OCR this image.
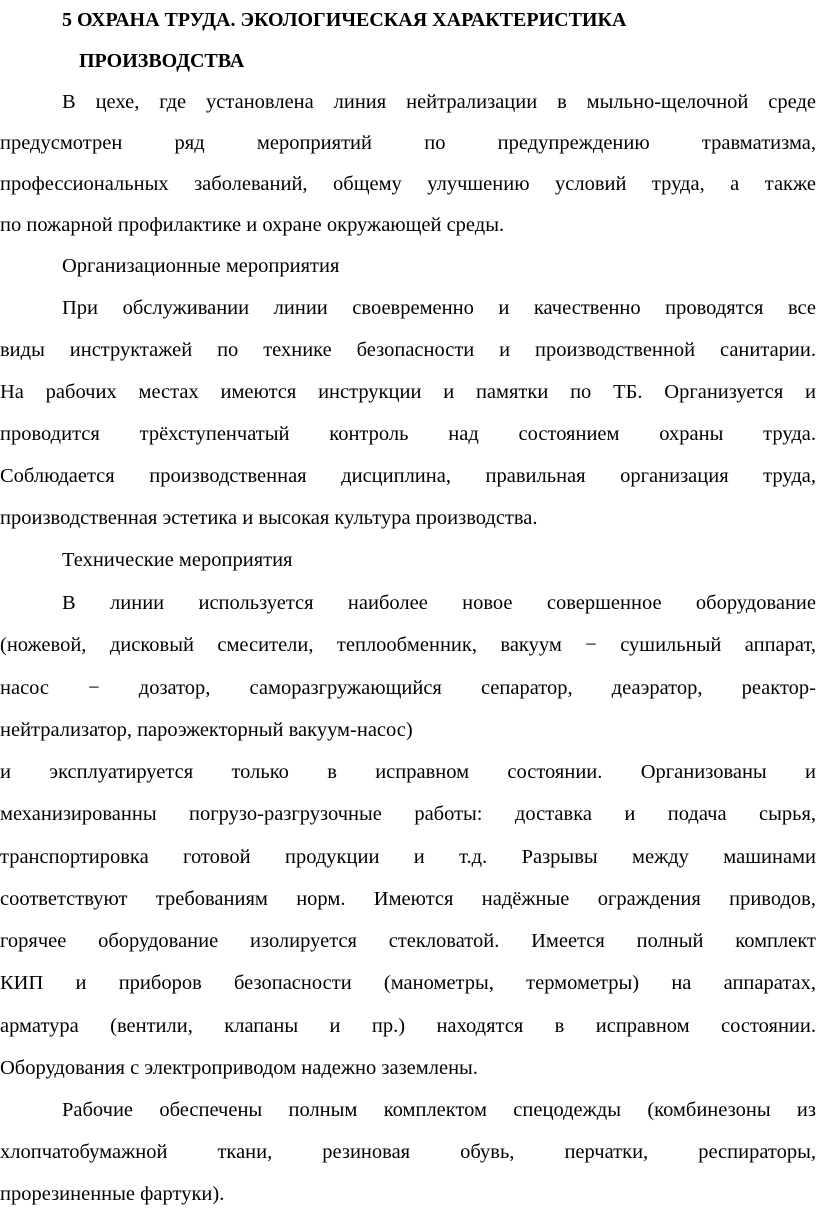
5 ОХРАНА ТРУДА. ЭКОЛОГИЧЕСКАЯ ХАРАКТЕРИСТИКА
ПРОИЗВОДСТВА
В цехе, где установлена линия нейтрализации в мыльно-щелочной среде
предусмотрен ряд мероприятий по предупреждению травматизма,
профессиональных заболеваний, общему улучшению условий труда, а также
по пожарной профилактике и охране окружающей среды.
Организационные мероприятия
При обслуживании линии своевременно и качественно проводятся все
виды инструктажей по технике безопасности и производственной санитарии.
На рабочих местах имеются инструкции и памятки по ТБ. Организуется и
проводится трёхступенчатый контроль над состоянием охраны труда.
Соблюдается производственная дисциплина, правильная организация труда,
производственная эстетика и высокая культура производства.
Технические мероприятия
В линии используется наиболее новое совершенное оборудование
(ножевой, дисковый смесители, теплообменник, вакуум − сушильный аппарат,
насос − дозатор, саморазгружающийся сепаратор, деаэратор, реактор-
нейтрализатор, пароэжекторный вакуум-насос)
и эксплуатируется только в исправном состоянии. Организованы и
механизированны погрузо-разгрузочные работы: доставка и подача сырья,
транспортировка готовой продукции и т.д. Разрывы между машинами
соответствуют требованиям норм. Имеются надёжные ограждения приводов,
горячее оборудование изолируется стекловатой. Имеется полный комплект
КИП и приборов безопасности (манометры, термометры) на аппаратах,
арматура (вентили, клапаны и пр.) находятся в исправном состоянии.
Оборудования с электроприводом надежно заземлены.
Рабочие обеспечены полным комплектом спецодежды (комбинезоны из
хлопчатобумажной ткани, резиновая обувь, перчатки, респираторы,
прорезиненные фартуки).
